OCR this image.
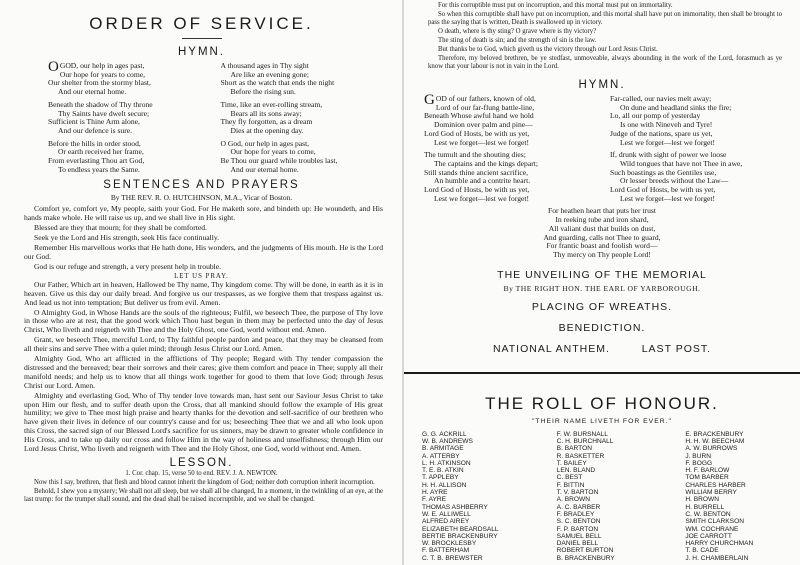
ORDER OF SERVICE.
HYMN.
OGOD, our help in ages past,
Our hope for years to come,
Our shelter from the stormy blast,
And our eternal home.
Beneath the shadow of Thy throne
Thy Saints have dwelt secure;
Sufficient is Thine Arm alone,
And our defence is sure.
Before the hills in order stood,
Or earth received her frame,
From everlasting Thou art God,
To endless years the Same.
A thousand ages in Thy sight
Are like an evening gone;
Short as the watch that ends the night
Before the rising sun.
Time, like an ever-rolling stream,
Bears all its sons away;
They fly forgotten, as a dream
Dies at the opening day.
O God, our help in ages past,
Our hope for years to come,
Be Thou our guard while troubles last,
And our eternal home.
SENTENCES AND PRAYERS
By THE REV. R. O. HUTCHINSON, M.A., Vicar of Boston.

Comfort ye, comfort ye, My people, saith your God. For He maketh sore, and bindeth up: He woundeth, and His hands make whole. He will raise us up, and we shall live in His sight.

Blessed are they that mourn; for they shall be comforted.

Seek ye the Lord and His strength, seek His face continually.

Remember His marvellous works that He hath done, His wonders, and the judgments of His mouth. He is the Lord our God.

God is our refuge and strength, a very present help in trouble.

LET US PRAY.

Our Father, Which art in heaven, Hallowed be Thy name, Thy kingdom come. Thy will be done, in earth as it is in heaven. Give us this day our daily bread. And forgive us our trespasses, as we forgive them that trespass against us. And lead us not into temptation; But deliver us from evil. Amen.

O Almighty God, in Whose Hands are the souls of the righteous; Fulfil, we beseech Thee, the purpose of Thy love in those who are at rest, that the good work which Thou hast begun in them may be perfected unto the day of Jesus Christ, Who liveth and reigneth with Thee and the Holy Ghost, one God, world without end. Amen.

Grant, we beseech Thee, merciful Lord, to Thy faithful people pardon and peace, that they may be cleansed from all their sins and serve Thee with a quiet mind; through Jesus Christ our Lord. Amen.

Almighty God, Who art afflicted in the afflictions of Thy people; Regard with Thy tender compassion the distressed and the bereaved; bear their sorrows and their cares; give them comfort and peace in Thee; supply all their manifold needs; and help us to know that all things work together for good to them that love God; through Jesus Christ our Lord. Amen.

Almighty and everlasting God, Who of Thy tender love towards man, hast sent our Saviour Jesus Christ to take upon Him our flesh, and to suffer death upon the Cross, that all mankind should follow the example of His great humility; we give to Thee most high praise and hearty thanks for the devotion and self-sacrifice of our brethren who have given their lives in defence of our country's cause and for us; beseeching Thee that we and all who look upon this Cross, the sacred sign of our Blessed Lord's sacrifice for us sinners, may be drawn to greater whole confidence in His Cross, and to take up daily our cross and follow Him in the way of holiness and unselfishness; through Him our Lord Jesus Christ, Who liveth and reigneth with Thee and the Holy Ghost, one God, world without end. Amen.

LESSON.
1. Cor. chap. 15, verse 50 to end. REV. J. A. NEWTON.

Now this I say, brethren, that flesh and blood cannot inherit the kingdom of God; neither doth corruption inherit incorruption.

Behold, I shew you a mystery; We shall not all sleep, but we shall all be changed, In a moment, in the twinkling of an eye, at the last trump: for the trumpet shall sound, and the dead shall be raised incorruptible, and we shall be changed.

For this corruptible must put on incorruption, and this mortal must put on immortality.

So when this corruptible shall have put on incorruption, and this mortal shall have put on immortality, then shall be brought to pass the saying that is written, Death is swallowed up in victory.

O death, where is thy sting? O grave where is thy victory?

The sting of death is sin; and the strength of sin is the law.

But thanks be to God, which giveth us the victory through our Lord Jesus Christ.

Therefore, my beloved brethren, be ye stedfast, unmoveable, always abounding in the work of the Lord, forasmuch as ye know that your labour is not in vain in the Lord.

HYMN.
GOD of our fathers, known of old,
Lord of our far-flung battle-line,
Beneath Whose awful hand we hold
Dominion over palm and pine—
Lord God of Hosts, be with us yet,
Lest we forget—lest we forget!
The tumult and the shouting dies;
The captains and the kings depart;
Still stands thine ancient sacrifice,
An humble and a contrite heart.
Lord God of Hosts, be with us yet,
Lest we forget—lest we forget!
Far-called, our navies melt away;
On dune and headland sinks the fire;
Lo, all our pomp of yesterday
Is one with Nineveh and Tyre!
Judge of the nations, spare us yet,
Lest we forget—lest we forget!
If, drunk with sight of power we loose
Wild tongues that have not Thee in awe,
Such boastings as the Gentiles use,
Or lesser breeds without the Law—
Lord God of Hosts, be with us yet,
Lest we forget—lest we forget!
For heathen heart that puts her trust
In reeking tube and iron shard,
All valiant dust that builds on dust,
And guarding, calls not Thee to guard,
For frantic boast and foolish word—
Thy mercy on Thy people Lord!
THE UNVEILING OF THE MEMORIAL
By THE RIGHT HON. THE EARL OF YARBOROUGH.
PLACING OF WREATHS.
BENEDICTION.
NATIONAL ANTHEM.	LAST POST.
THE ROLL OF HONOUR.
"THEIR NAME LIVETH FOR EVER."
G. G. ACKRILL
W. B. ANDREWS
B. ARMITAGE
A. ATTERBY
L. H. ATKINSON
T. E. B. ATKIN
T. APPLEBY
H. H. ALLISON
H. AYRE
F. AYRE
THOMAS ASHBERRY
W. E. ALLIWELL
ALFRED AIREY
ELIZABETH BEARDSALL
BERTIE BRACKENBURY
W. BROCKLESBY
F. BATTERHAM
C. T. B. BREWSTER
F. W. BURSNALL
C. H. BURCHNALL
B. BARTON
R. BASKETTER
T. BAILEY
LEN. BLAND
C. BEST
F. BITTIN
T. V. BARTON
A. BROWN
A. C. BARBER
F. BRADLEY
S. C. BENTON
F. P. BARTON
SAMUEL BELL
DANIEL BELL
ROBERT BURTON
B. BRACKENBURY
E. BRACKENBURY
H. H. W. BEECHAM
A. W. BURROWS
J. BURN
F. BOGG
H. F. BARLOW
TOM BARBER
CHARLES HARBER
WILLIAM BERRY
H. BROWN
H. BURRELL
C. W. BENTON
SMITH CLARKSON
WM. COCHRANE
JOE CARROTT
HARRY CHURCHMAN
T. B. CADE
J. H. CHAMBERLAIN
